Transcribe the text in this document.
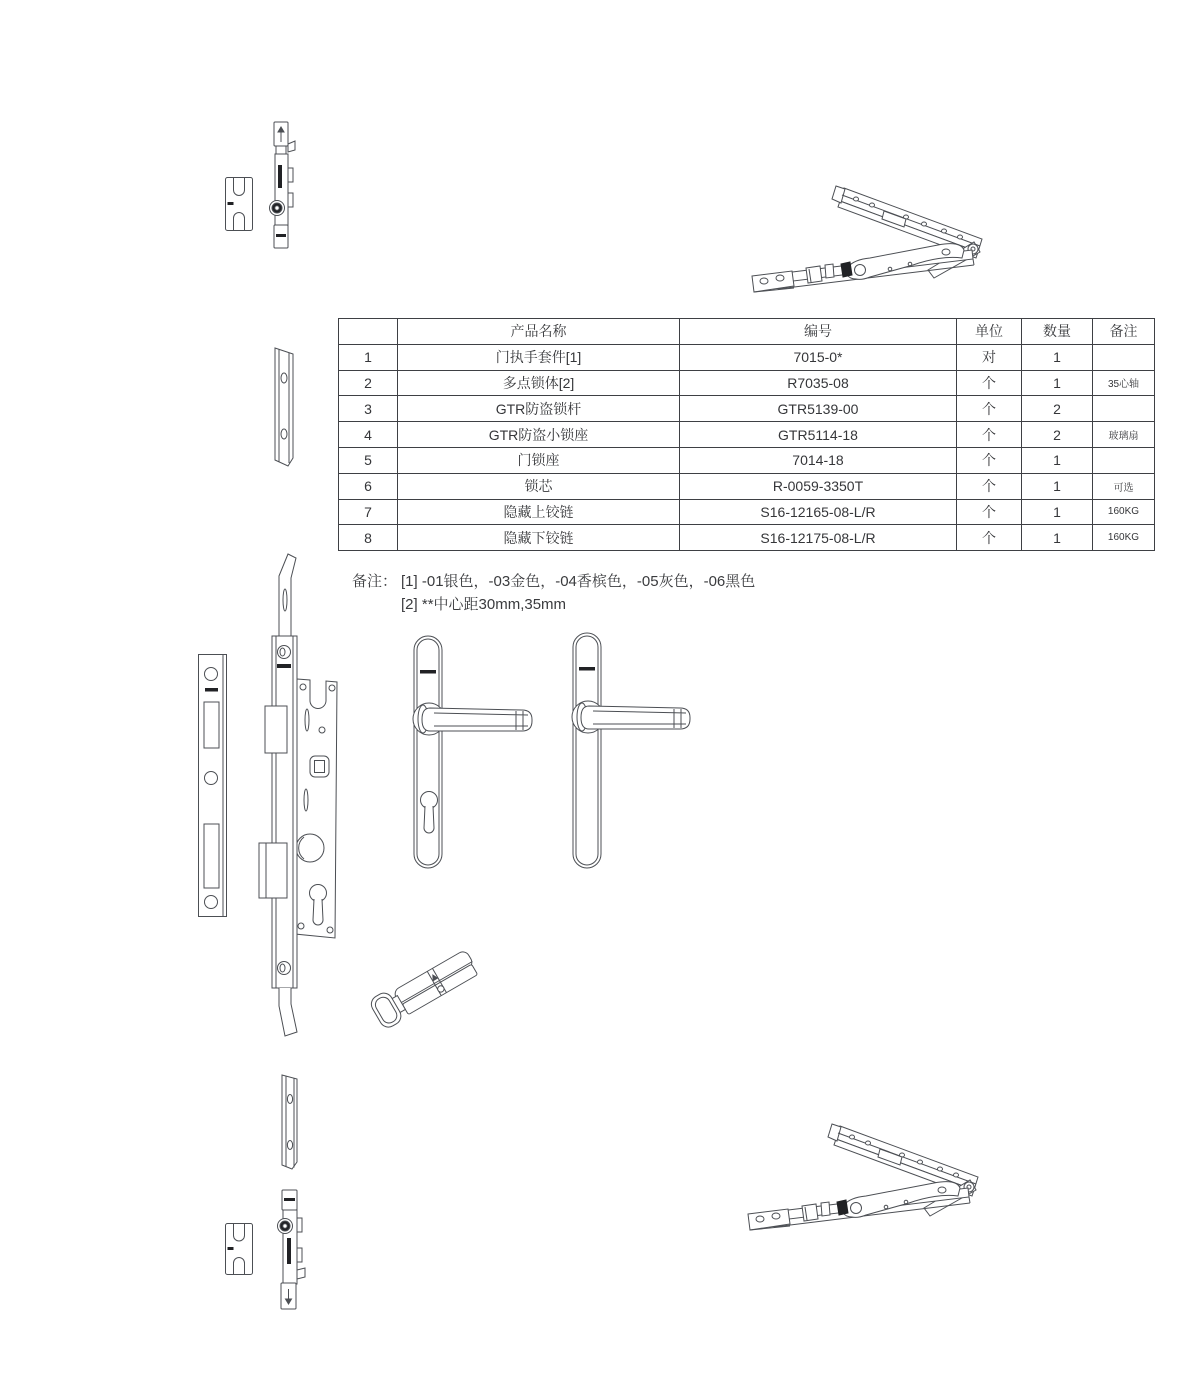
	产品名称	编号	单位	数量	备注
1	门执手套件[1]	7015-0*	对	1	
2	多点锁体[2]	R7035-08	个	1	35心轴
3	GTR防盗锁杆	GTR5139-00	个	2	
4	GTR防盗小锁座	GTR5114-18	个	2	玻璃扇
5	门锁座	7014-18	个	1	
6	锁芯	R-0059-3350T	个	1	可选
7	隐藏上铰链	S16-12165-08-L/R	个	1	160KG
8	隐藏下铰链	S16-12175-08-L/R	个	1	160KG
备注： [1] -01银色，-03金色，-04香槟色，-05灰色，-06黑色
[2] **中心距30mm,35mm
